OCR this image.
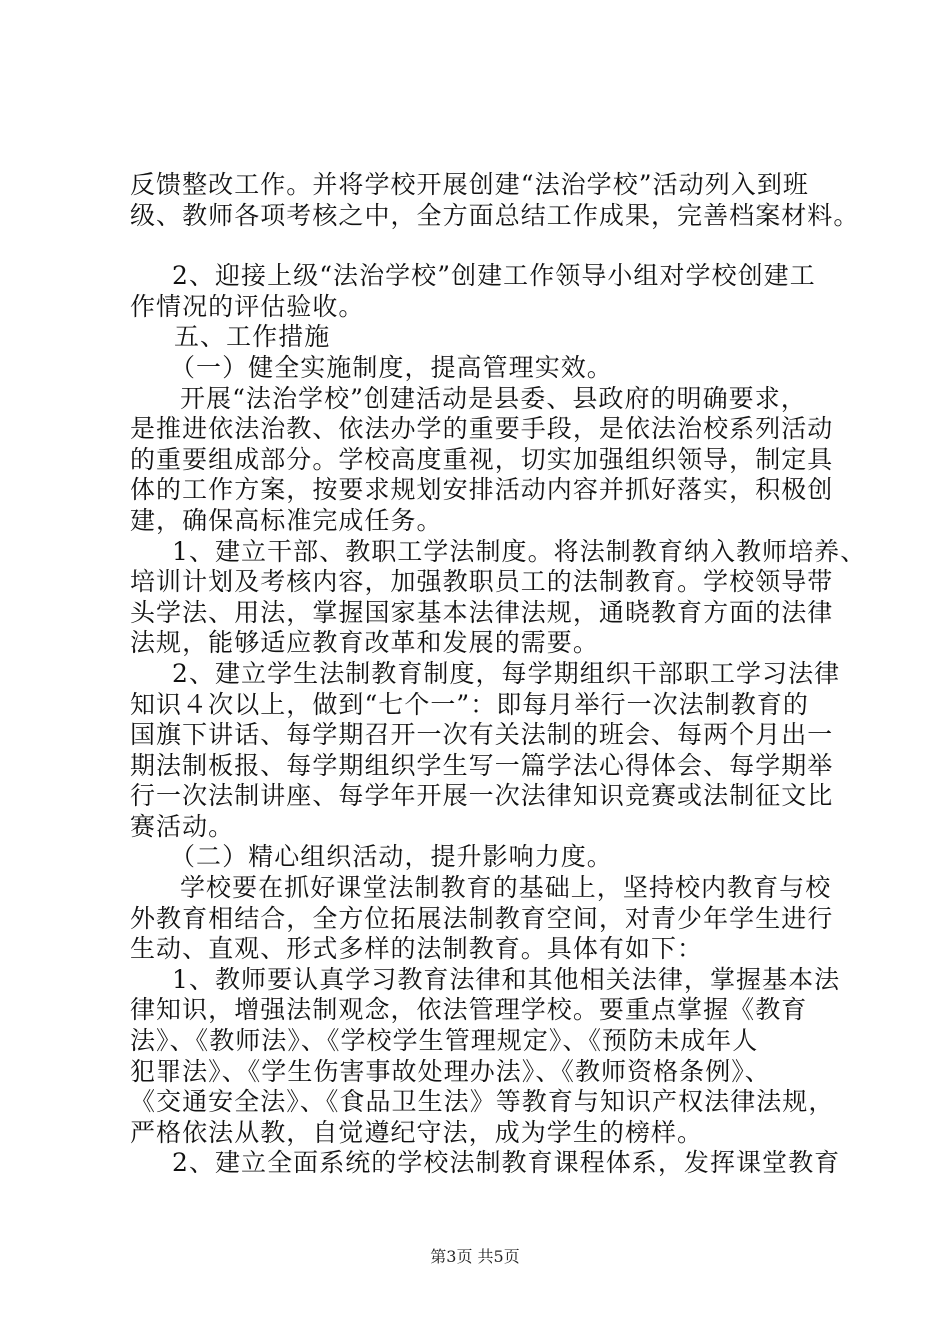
反馈整改工作。并将学校开展创建“法治学校”活动列入到班
级、教师各项考核之中，全方面总结工作成果，完善档案材料。
2、迎接上级“法治学校”创建工作领导小组对学校创建工
作情况的评估验收。
五、工作措施
（一）健全实施制度，提高管理实效。
开展“法治学校”创建活动是县委、县政府的明确要求，
是推进依法治教、依法办学的重要手段，是依法治校系列活动
的重要组成部分。学校高度重视，切实加强组织领导，制定具
体的工作方案，按要求规划安排活动内容并抓好落实，积极创
建，确保高标准完成任务。
1、建立干部、教职工学法制度。将法制教育纳入教师培养、
培训计划及考核内容，加强教职员工的法制教育。学校领导带
头学法、用法，掌握国家基本法律法规，通晓教育方面的法律
法规，能够适应教育改革和发展的需要。
2、建立学生法制教育制度，每学期组织干部职工学习法律
知识４次以上，做到“七个一”：即每月举行一次法制教育的
国旗下讲话、每学期召开一次有关法制的班会、每两个月出一
期法制板报、每学期组织学生写一篇学法心得体会、每学期举
行一次法制讲座、每学年开展一次法律知识竞赛或法制征文比
赛活动。
（二）精心组织活动，提升影响力度。
学校要在抓好课堂法制教育的基础上，坚持校内教育与校
外教育相结合，全方位拓展法制教育空间，对青少年学生进行
生动、直观、形式多样的法制教育。具体有如下：
1、教师要认真学习教育法律和其他相关法律，掌握基本法
律知识，增强法制观念，依法管理学校。要重点掌握《教育
法》、《教师法》、《学校学生管理规定》、《预防未成年人
犯罪法》、《学生伤害事故处理办法》、《教师资格条例》、
《交通安全法》、《食品卫生法》等教育与知识产权法律法规，
严格依法从教，自觉遵纪守法，成为学生的榜样。
2、建立全面系统的学校法制教育课程体系，发挥课堂教育
第3页 共5页
